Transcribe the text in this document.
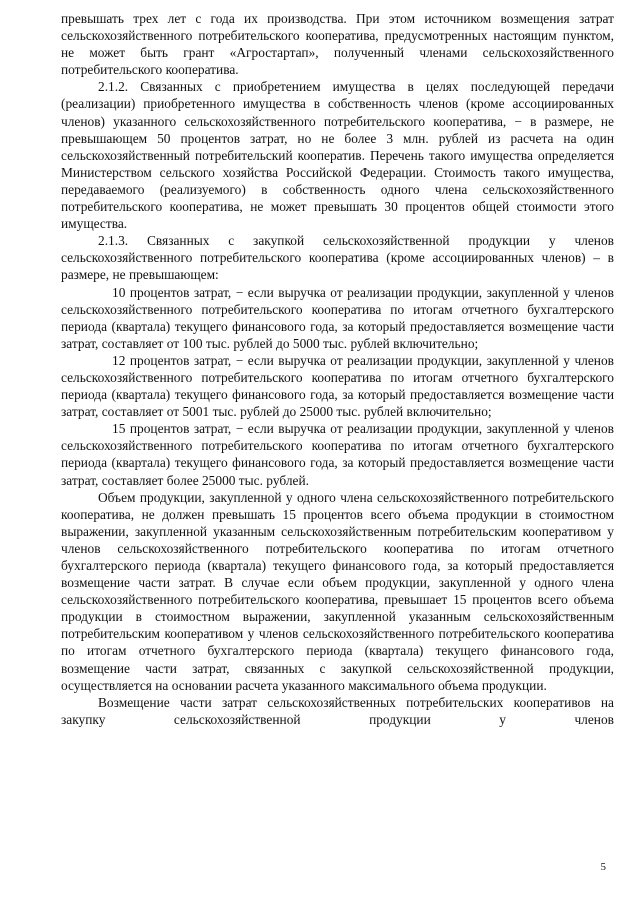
превышать трех лет с года их производства. При этом источником возмещения затрат сельскохозяйственного потребительского кооператива, предусмотренных настоящим пунктом, не может быть грант «Агростартап», полученный членами сельскохозяйственного потребительского кооператива.

2.1.2. Связанных с приобретением имущества в целях последующей передачи (реализации) приобретенного имущества в собственность членов (кроме ассоциированных членов) указанного сельскохозяйственного потребительского кооператива, − в размере, не превышающем 50 процентов затрат, но не более 3 млн. рублей из расчета на один сельскохозяйственный потребительский кооператив. Перечень такого имущества определяется Министерством сельского хозяйства Российской Федерации. Стоимость такого имущества, передаваемого (реализуемого) в собственность одного члена сельскохозяйственного потребительского кооператива, не может превышать 30 процентов общей стоимости этого имущества.

2.1.3. Связанных с закупкой сельскохозяйственной продукции у членов сельскохозяйственного потребительского кооператива (кроме ассоциированных членов) – в размере, не превышающем:

10 процентов затрат, − если выручка от реализации продукции, закупленной у членов сельскохозяйственного потребительского кооператива по итогам отчетного бухгалтерского периода (квартала) текущего финансового года, за который предоставляется возмещение части затрат, составляет от 100 тыс. рублей до 5000 тыс. рублей включительно;

12 процентов затрат, − если выручка от реализации продукции, закупленной у членов сельскохозяйственного потребительского кооператива по итогам отчетного бухгалтерского периода (квартала) текущего финансового года, за который предоставляется возмещение части затрат, составляет от 5001 тыс. рублей до 25000 тыс. рублей включительно;

15 процентов затрат, − если выручка от реализации продукции, закупленной у членов сельскохозяйственного потребительского кооператива по итогам отчетного бухгалтерского периода (квартала) текущего финансового года, за который предоставляется возмещение части затрат, составляет более 25000 тыс. рублей.

Объем продукции, закупленной у одного члена сельскохозяйственного потребительского кооператива, не должен превышать 15 процентов всего объема продукции в стоимостном выражении, закупленной указанным сельскохозяйственным потребительским кооперативом у членов сельскохозяйственного потребительского кооператива по итогам отчетного бухгалтерского периода (квартала) текущего финансового года, за который предоставляется возмещение части затрат. В случае если объем продукции, закупленной у одного члена сельскохозяйственного потребительского кооператива, превышает 15 процентов всего объема продукции в стоимостном выражении, закупленной указанным сельскохозяйственным потребительским кооперативом у членов сельскохозяйственного потребительского кооператива по итогам отчетного бухгалтерского периода (квартала) текущего финансового года, возмещение части затрат, связанных с закупкой сельскохозяйственной продукции, осуществляется на основании расчета указанного максимального объема продукции.

Возмещение части затрат сельскохозяйственных потребительских кооперативов на закупку сельскохозяйственной продукции у членов

5
